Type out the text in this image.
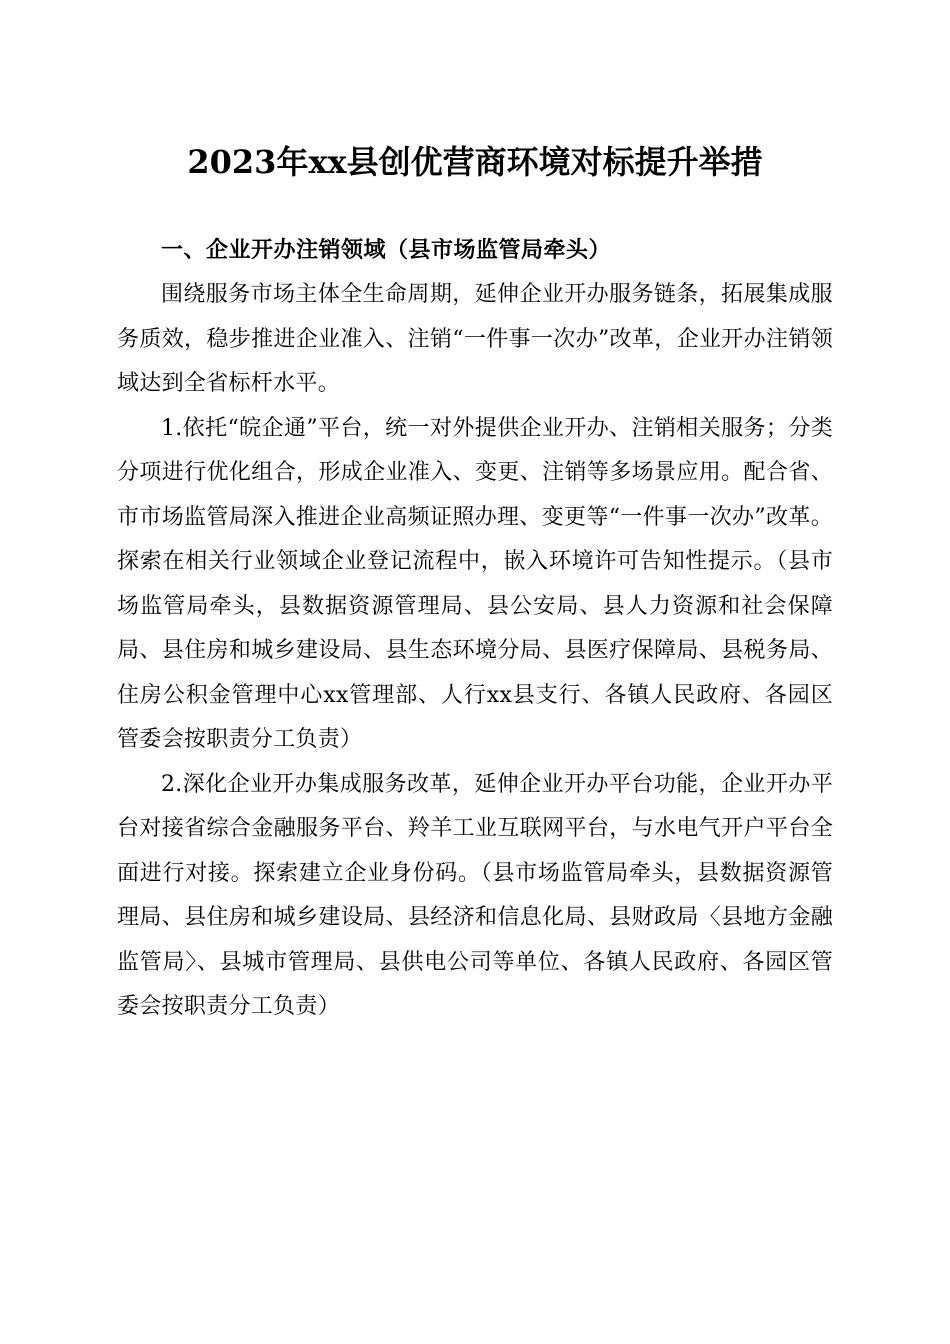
2023年xx县创优营商环境对标提升举措

一、企业开办注销领域（县市场监管局牵头）

围绕服务市场主体全生命周期，延伸企业开办服务链条，拓展集成服务质效，稳步推进企业准入、注销“一件事一次办”改革，企业开办注销领域达到全省标杆水平。

1.依托“皖企通”平台，统一对外提供企业开办、注销相关服务；分类分项进行优化组合，形成企业准入、变更、注销等多场景应用。配合省、市市场监管局深入推进企业高频证照办理、变更等“一件事一次办”改革。探索在相关行业领域企业登记流程中，嵌入环境许可告知性提示。（县市场监管局牵头，县数据资源管理局、县公安局、县人力资源和社会保障局、县住房和城乡建设局、县生态环境分局、县医疗保障局、县税务局、住房公积金管理中心xx管理部、人行xx县支行、各镇人民政府、各园区管委会按职责分工负责）

2.深化企业开办集成服务改革，延伸企业开办平台功能，企业开办平台对接省综合金融服务平台、羚羊工业互联网平台，与水电气开户平台全面进行对接。探索建立企业身份码。（县市场监管局牵头，县数据资源管理局、县住房和城乡建设局、县经济和信息化局、县财政局〈县地方金融监管局〉、县城市管理局、县供电公司等单位、各镇人民政府、各园区管委会按职责分工负责）
